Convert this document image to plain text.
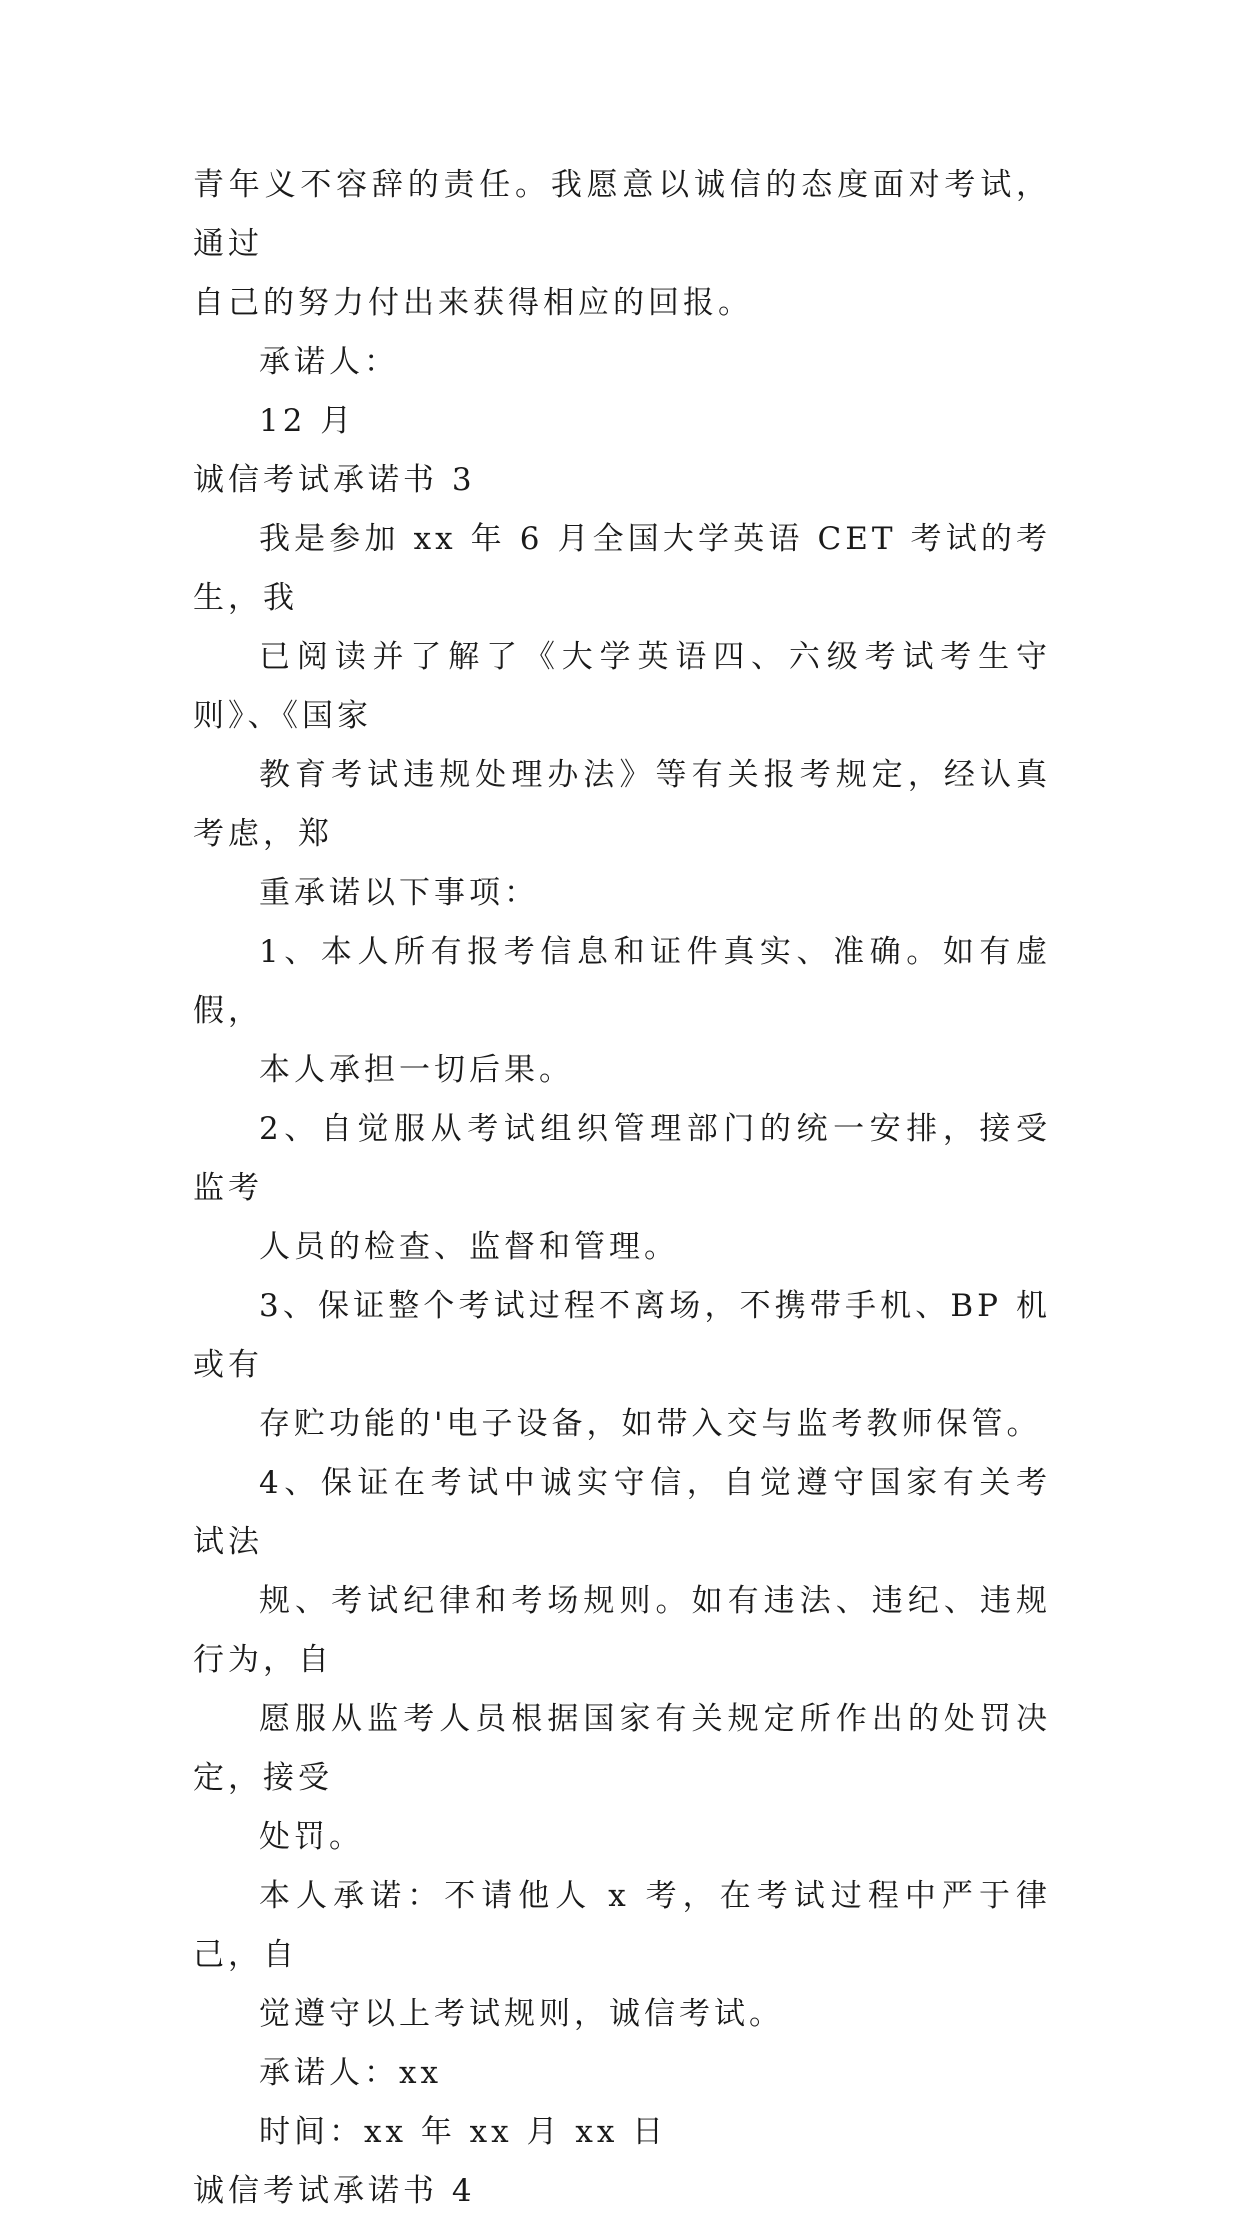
青年义不容辞的责任。我愿意以诚信的态度面对考试，通过
自己的努力付出来获得相应的回报。

承诺人：

12 月

诚信考试承诺书 3

我是参加 xx 年 6 月全国大学英语 CET 考试的考生，我
已阅读并了解了《大学英语四、六级考试考生守则》、《国家
教育考试违规处理办法》等有关报考规定，经认真考虑，郑
重承诺以下事项：

1、本人所有报考信息和证件真实、准确。如有虚假，
本人承担一切后果。

2、自觉服从考试组织管理部门的统一安排，接受监考
人员的检查、监督和管理。

3、保证整个考试过程不离场，不携带手机、BP 机或有
存贮功能的'电子设备，如带入交与监考教师保管。

4、保证在考试中诚实守信，自觉遵守国家有关考试法
规、考试纪律和考场规则。如有违法、违纪、违规行为，自
愿服从监考人员根据国家有关规定所作出的处罚决定，接受
处罚。

本人承诺：不请他人 x 考，在考试过程中严于律己，自
觉遵守以上考试规则，诚信考试。

承诺人：xx

时间：xx 年 xx 月 xx 日

诚信考试承诺书 4
